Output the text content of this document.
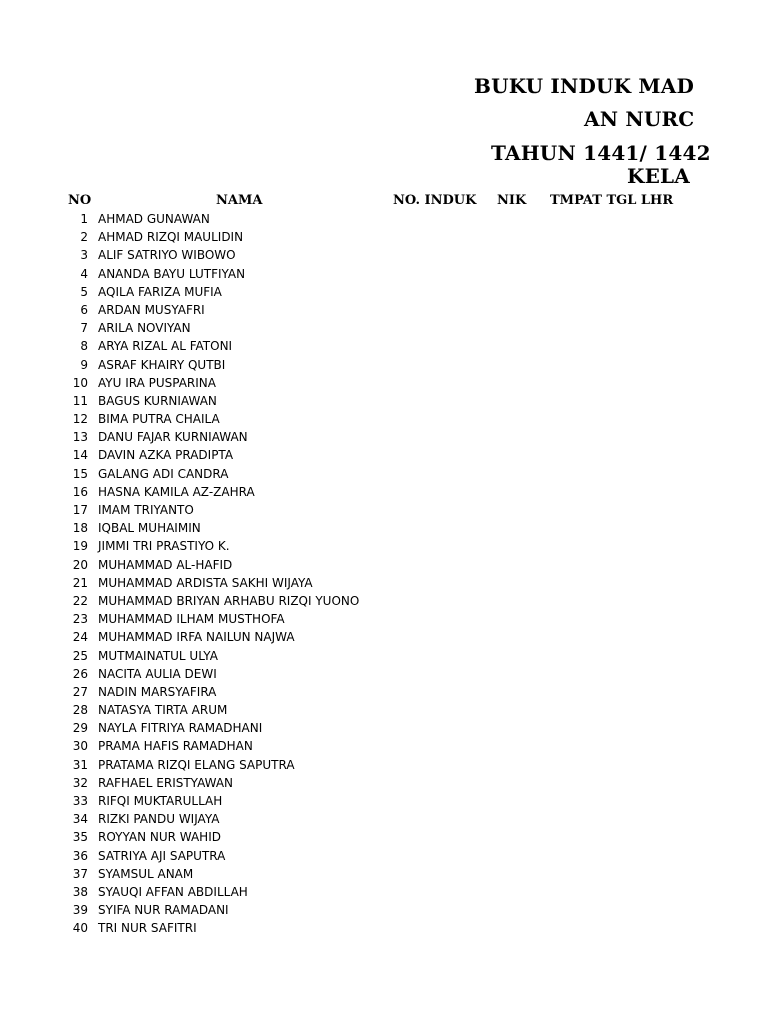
BUKU INDUK MAD
AN NURC
TAHUN 1441/ 1442
KELA
NO	NAMA	NO. INDUK NIK TMPAT TGL LHR
1 AHMAD GUNAWAN
2 AHMAD RIZQI MAULIDIN
3 ALIF SATRIYO WIBOWO
4 ANANDA BAYU LUTFIYAN
5 AQILA FARIZA MUFIA
6 ARDAN MUSYAFRI
7 ARILA NOVIYAN
8 ARYA RIZAL AL FATONI
9 ASRAF KHAIRY QUTBI
10 AYU IRA PUSPARINA
11 BAGUS KURNIAWAN
12 BIMA PUTRA CHAILA
13 DANU FAJAR KURNIAWAN
14 DAVIN AZKA PRADIPTA
15 GALANG ADI CANDRA
16 HASNA KAMILA AZ-ZAHRA
17 IMAM TRIYANTO
18 IQBAL MUHAIMIN
19 JIMMI TRI PRASTIYO K.
20 MUHAMMAD AL-HAFID
21 MUHAMMAD ARDISTA SAKHI WIJAYA
22 MUHAMMAD BRIYAN ARHABU RIZQI YUONO
23 MUHAMMAD ILHAM MUSTHOFA
24 MUHAMMAD IRFA NAILUN NAJWA
25 MUTMAINATUL ULYA
26 NACITA AULIA DEWI
27 NADIN MARSYAFIRA
28 NATASYA TIRTA ARUM
29 NAYLA FITRIYA RAMADHANI
30 PRAMA HAFIS RAMADHAN
31 PRATAMA RIZQI ELANG SAPUTRA
32 RAFHAEL ERISTYAWAN
33 RIFQI MUKTARULLAH
34 RIZKI PANDU WIJAYA
35 ROYYAN NUR WAHID
36 SATRIYA AJI SAPUTRA
37 SYAMSUL ANAM
38 SYAUQI AFFAN ABDILLAH
39 SYIFA NUR RAMADANI
40 TRI NUR SAFITRI
